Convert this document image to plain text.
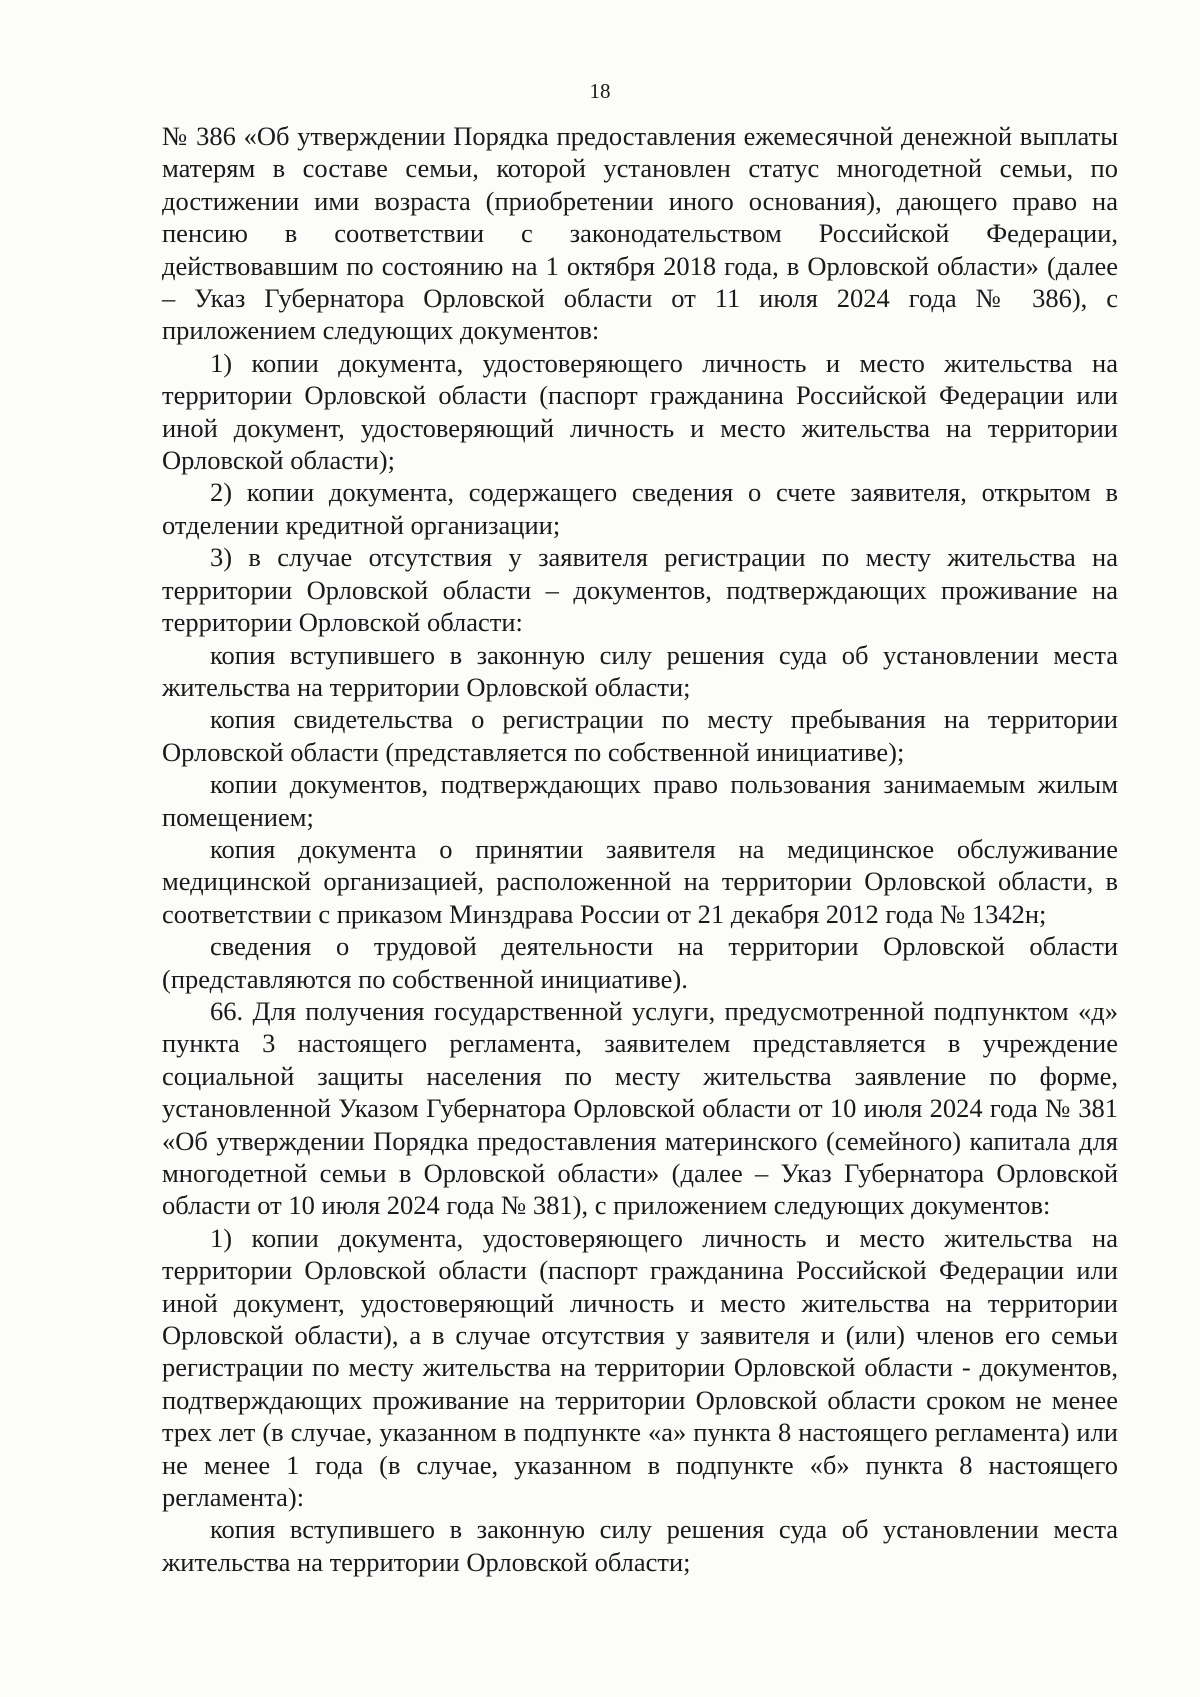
18

№ 386 «Об утверждении Порядка предоставления ежемесячной денежной выплаты матерям в составе семьи, которой установлен статус многодетной семьи, по достижении ими возраста (приобретении иного основания), дающего право на пенсию в соответствии с законодательством Российской Федерации, действовавшим по состоянию на 1 октября 2018 года, в Орловской области» (далее – Указ Губернатора Орловской области от 11 июля 2024 года № 386), с приложением следующих документов:

1) копии документа, удостоверяющего личность и место жительства на территории Орловской области (паспорт гражданина Российской Федерации или иной документ, удостоверяющий личность и место жительства на территории Орловской области);

2) копии документа, содержащего сведения о счете заявителя, открытом в отделении кредитной организации;

3) в случае отсутствия у заявителя регистрации по месту жительства на территории Орловской области – документов, подтверждающих проживание на территории Орловской области:

копия вступившего в законную силу решения суда об установлении места жительства на территории Орловской области;

копия свидетельства о регистрации по месту пребывания на территории Орловской области (представляется по собственной инициативе);

копии документов, подтверждающих право пользования занимаемым жилым помещением;

копия документа о принятии заявителя на медицинское обслуживание медицинской организацией, расположенной на территории Орловской области, в соответствии с приказом Минздрава России от 21 декабря 2012 года № 1342н;

сведения о трудовой деятельности на территории Орловской области (представляются по собственной инициативе).

66. Для получения государственной услуги, предусмотренной подпунктом «д» пункта 3 настоящего регламента, заявителем представляется в учреждение социальной защиты населения по месту жительства заявление по форме, установленной Указом Губернатора Орловской области от 10 июля 2024 года № 381 «Об утверждении Порядка предоставления материнского (семейного) капитала для многодетной семьи в Орловской области» (далее – Указ Губернатора Орловской области от 10 июля 2024 года № 381), с приложением следующих документов:

1) копии документа, удостоверяющего личность и место жительства на территории Орловской области (паспорт гражданина Российской Федерации или иной документ, удостоверяющий личность и место жительства на территории Орловской области), а в случае отсутствия у заявителя и (или) членов его семьи регистрации по месту жительства на территории Орловской области - документов, подтверждающих проживание на территории Орловской области сроком не менее трех лет (в случае, указанном в подпункте «а» пункта 8 настоящего регламента) или не менее 1 года (в случае, указанном в подпункте «б» пункта 8 настоящего регламента):

копия вступившего в законную силу решения суда об установлении места жительства на территории Орловской области;
